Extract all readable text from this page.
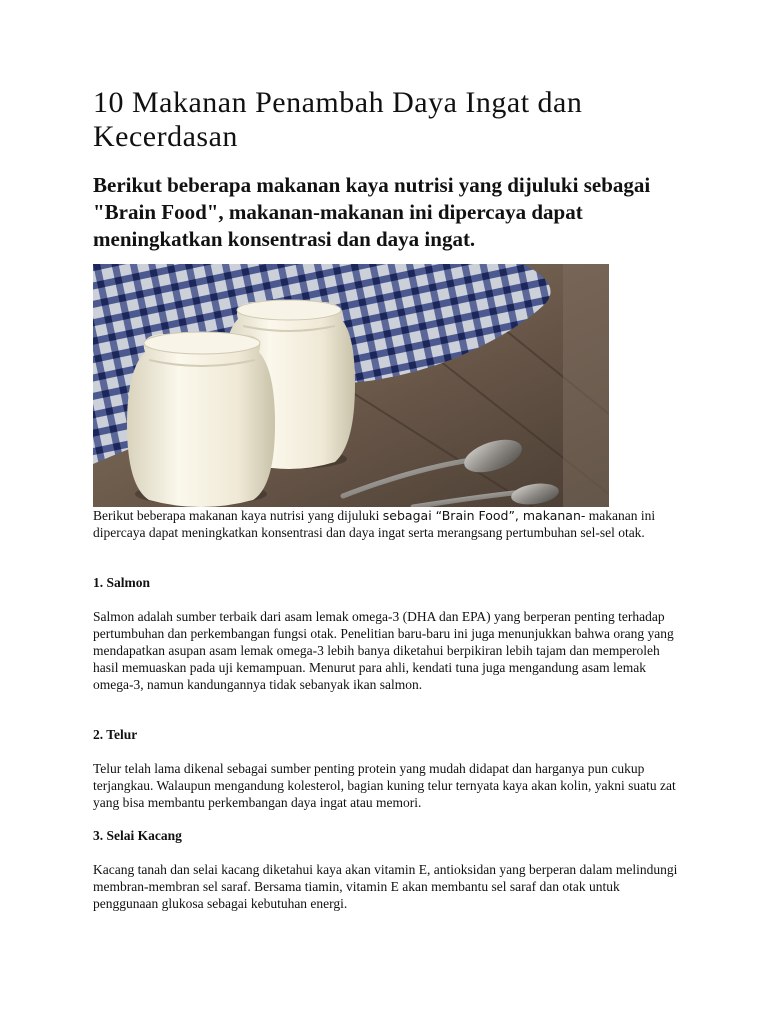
10 Makanan Penambah Daya Ingat dan Kecerdasan
Berikut beberapa makanan kaya nutrisi yang dijuluki sebagai "Brain Food", makanan-makanan ini dipercaya dapat meningkatkan konsentrasi dan daya ingat.

Berikut beberapa makanan kaya nutrisi yang dijuluki sebagai “Brain Food”, makanan- makanan ini dipercaya dapat meningkatkan konsentrasi dan daya ingat serta merangsang pertumbuhan sel-sel otak.

1. Salmon

Salmon adalah sumber terbaik dari asam lemak omega-3 (DHA dan EPA) yang berperan penting terhadap pertumbuhan dan perkembangan fungsi otak. Penelitian baru-baru ini juga menunjukkan bahwa orang yang mendapatkan asupan asam lemak omega-3 lebih banya diketahui berpikiran lebih tajam dan memperoleh hasil memuaskan pada uji kemampuan. Menurut para ahli, kendati tuna juga mengandung asam lemak omega-3, namun kandungannya tidak sebanyak ikan salmon.

2. Telur

Telur telah lama dikenal sebagai sumber penting protein yang mudah didapat dan harganya pun cukup terjangkau. Walaupun mengandung kolesterol, bagian kuning telur ternyata kaya akan kolin, yakni suatu zat yang bisa membantu perkembangan daya ingat atau memori.

3. Selai Kacang

Kacang tanah dan selai kacang diketahui kaya akan vitamin E, antioksidan yang berperan dalam melindungi membran-membran sel saraf. Bersama tiamin, vitamin E akan membantu sel saraf dan otak untuk penggunaan glukosa sebagai kebutuhan energi.
